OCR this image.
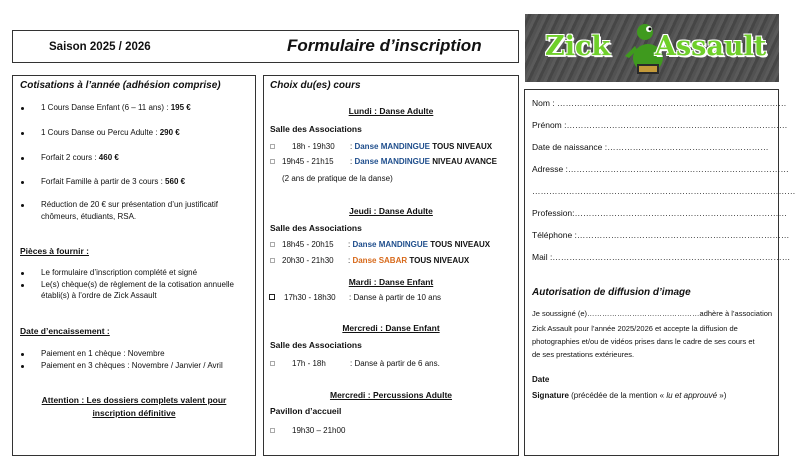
Saison 2025 / 2026	Formulaire d’inscription Zick Assault
Cotisations à l’année (adhésion comprise)
1 Cours Danse Enfant (6 – 11 ans) : 195 €
1 Cours Danse ou Percu Adulte : 290 €
Forfait 2 cours : 460 €
Forfait Famille à partir de 3 cours : 560 €
Réduction de 20 € sur présentation d’un justificatif
chômeurs, étudiants, RSA.
Pièces à fournir :
Le formulaire d’inscription complété et signé
Le(s) chèque(s) de règlement de la cotisation annuelle
établi(s) à l’ordre de Zick Assault
Date d’encaissement :
Paiement en 1 chèque : Novembre
Paiement en 3 chèques : Novembre / Janvier / Avril
Attention : Les dossiers complets valent pour
inscription définitive
Choix du(es) cours
Lundi : Danse Adulte
Salle des Associations
18h - 19h30 : Danse MANDINGUE TOUS NIVEAUX
19h45 - 21h15 : Danse MANDINGUE NIVEAU AVANCE
(2 ans de pratique de la danse)
Jeudi : Danse Adulte
Salle des Associations
18h45 - 20h15 : Danse MANDINGUE TOUS NIVEAUX
20h30 - 21h30 : Danse SABAR TOUS NIVEAUX
Mardi : Danse Enfant
17h30 - 18h30 : Danse à partir de 10 ans
Mercredi : Danse Enfant
Salle des Associations
17h - 18h	: Danse à partir de 6 ans.
Mercredi : Percussions Adulte
Pavillon d’accueil
19h30 – 21h00
Nom : ………………………………………………………………………
Prénom :……………………………………………………………………
Date de naissance :…………………………………………………
Adresse :……………………………………………………………………
…………………………………………………………………………………
Profession:…………………………………………………………………
Téléphone :…………………………………………………………………
Mail :…………………………………………………………………………
Autorisation de diffusion d’image
Je soussigné (e)………………………………………adhère à l’association
Zick Assault pour l’année 2025/2026 et accepte la diffusion de
photographies et/ou de vidéos prises dans le cadre de ses cours et
de ses prestations extérieures.
Date
Signature (précédée de la mention « lu et approuvé »)
